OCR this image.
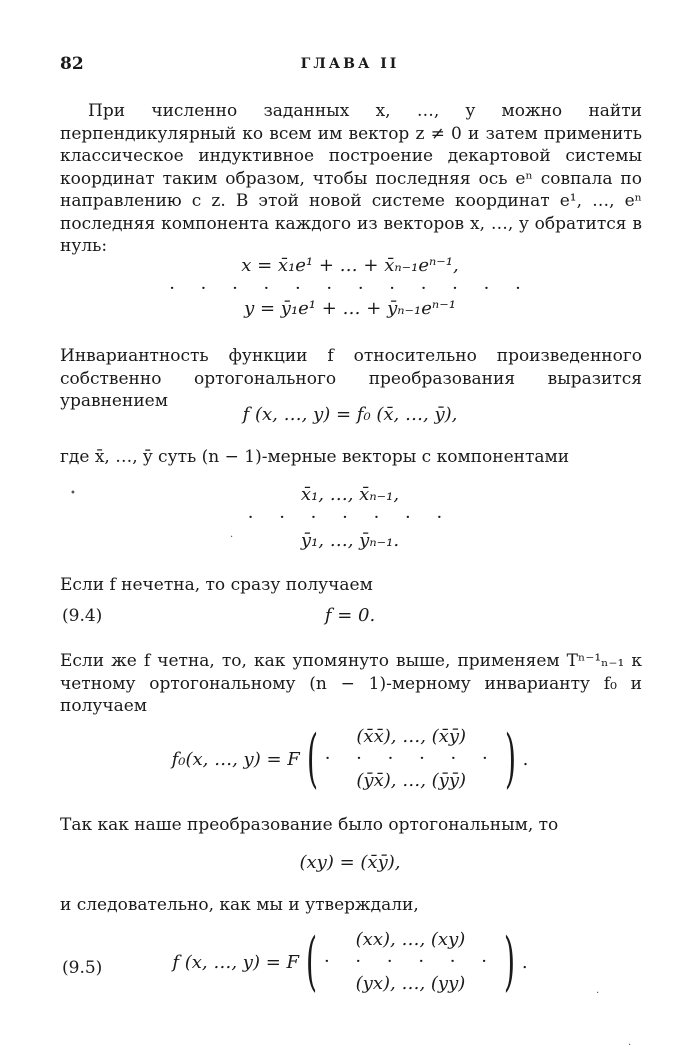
82	ГЛАВА II
При численно заданных x, …, y можно найти перпендикулярный ко всем им вектор z ≠ 0 и затем применить классическое индуктивное построение декартовой системы координат таким образом, чтобы последняя ось eⁿ совпала по направлению с z. В этой новой системе координат e¹, …, eⁿ последняя компонента каждого из векторов x, …, y обратится в нуль:
x = x̄₁e¹ + … + x̄ₙ₋₁eⁿ⁻¹,
· · · · · · · · · · · ·
y = ȳ₁e¹ + … + ȳₙ₋₁eⁿ⁻¹
Инвариантность функции f относительно произведенного собственно ортогонального преобразования выразится уравнением
f (x, …, y) = f₀ (x̄, …, ȳ),
где x̄, …, ȳ суть (n − 1)-мерные векторы с компонентами
x̄₁, …, x̄ₙ₋₁,
· · · · · · ·
ȳ₁, …, ȳₙ₋₁.
Если f нечетна, то сразу получаем
(9.4)	f = 0.
Если же f четна, то, как упомянуто выше, применяем Tⁿ⁻¹ₙ₋₁ к четному ортогональному (n − 1)-мерному инварианту f₀ и получаем
f₀(x, …, y) = F (	(x̄x̄), …, (x̄ȳ)
· · · · · ·
(ȳx̄), …, (ȳȳ) ) .
Так как наше преобразование было ортогональным, то
(xy) = (x̄ȳ),
и следовательно, как мы и утверждали,
(9.5)	f (x, …, y) = F (	(xx), …, (xy)
· · · · · ·
(yx), …, (yy) ) .
•
·
·
·
